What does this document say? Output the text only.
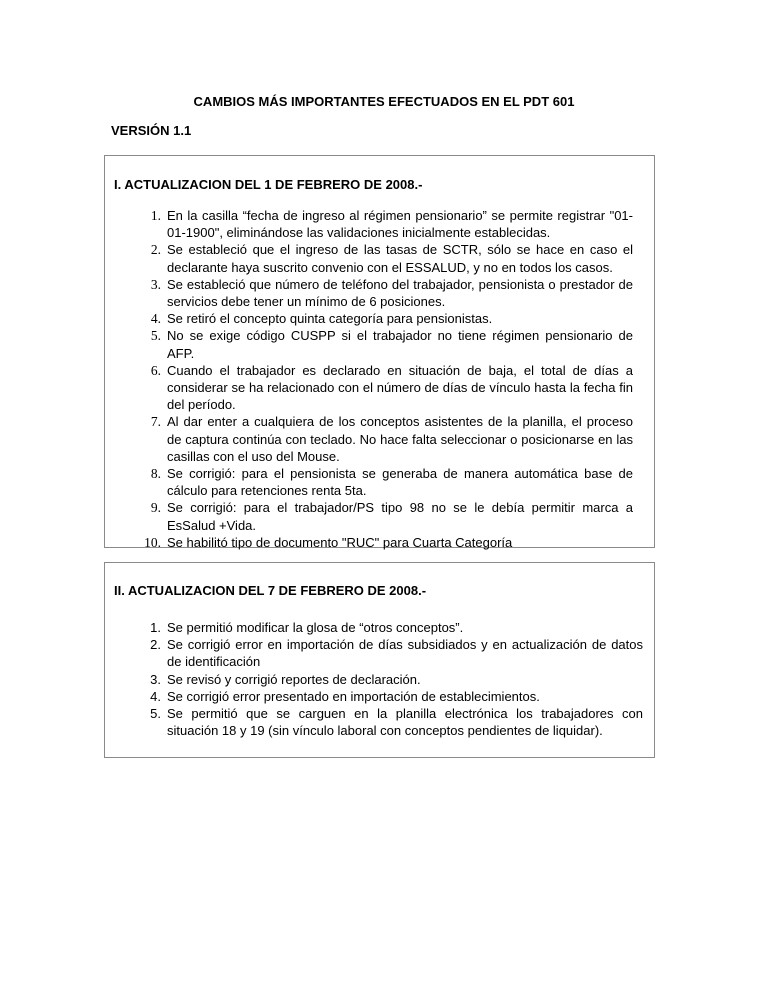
CAMBIOS MÁS IMPORTANTES EFECTUADOS EN EL PDT 601
VERSIÓN 1.1
I. ACTUALIZACION DEL 1 DE FEBRERO DE 2008.-
1. En la casilla “fecha de ingreso al régimen pensionario” se permite registrar "01-01-1900", eliminándose las validaciones inicialmente establecidas.
2. Se estableció que el ingreso de las tasas de SCTR, sólo se hace en caso el declarante haya suscrito convenio con el ESSALUD, y no en todos los casos.
3. Se estableció que número de teléfono del trabajador, pensionista o prestador de servicios debe tener un mínimo de 6 posiciones.
4. Se retiró el concepto quinta categoría para pensionistas.
5. No se exige código CUSPP si el trabajador no tiene régimen pensionario de AFP.
6. Cuando el trabajador es declarado en situación de baja, el total de días a considerar se ha relacionado con el número de días de vínculo hasta la fecha fin del período.
7. Al dar enter a cualquiera de los conceptos asistentes de la planilla, el proceso de captura continúa con teclado. No hace falta seleccionar o posicionarse en las casillas con el uso del Mouse.
8. Se corrigió: para el pensionista se generaba de manera automática base de cálculo para retenciones renta 5ta.
9. Se corrigió: para el trabajador/PS tipo 98 no se le debía permitir marca a EsSalud +Vida.
10. Se habilitó tipo de documento "RUC" para Cuarta Categoría
II. ACTUALIZACION DEL 7 DE FEBRERO DE 2008.-
1. Se permitió modificar la glosa de “otros conceptos”.
2. Se corrigió error en importación de días subsidiados y en actualización de datos de identificación
3. Se revisó y corrigió reportes de declaración.
4. Se corrigió error presentado en importación de establecimientos.
5. Se permitió que se carguen en la planilla electrónica los trabajadores con situación 18 y 19 (sin vínculo laboral con conceptos pendientes de liquidar).
